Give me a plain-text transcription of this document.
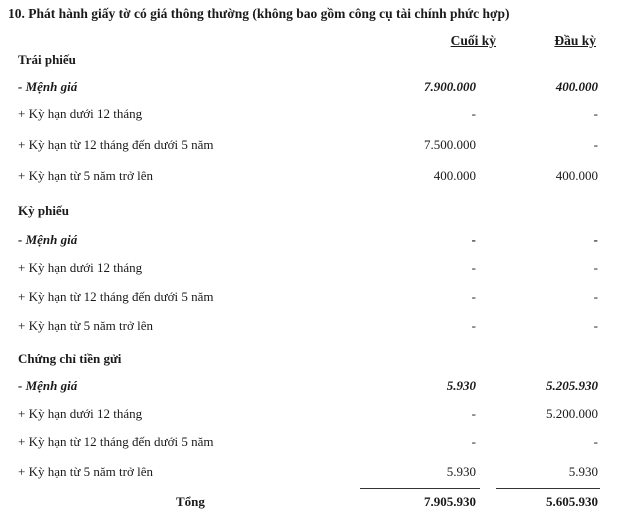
10. Phát hành giấy tờ có giá thông thường (không bao gồm công cụ tài chính phức hợp)
Cuối kỳ	Đầu kỳ
Trái phiếu
- Mệnh giá	7.900.000	400.000
+ Kỳ hạn dưới 12 tháng	-	-
+ Kỳ hạn từ 12 tháng đến dưới 5 năm	7.500.000	-
+ Kỳ hạn từ 5 năm trở lên	400.000	400.000
Kỳ phiếu
- Mệnh giá	-	-
+ Kỳ hạn dưới 12 tháng	-	-
+ Kỳ hạn từ 12 tháng đến dưới 5 năm	-	-
+ Kỳ hạn từ 5 năm trở lên	-	-
Chứng chỉ tiền gửi
- Mệnh giá	5.930	5.205.930
+ Kỳ hạn dưới 12 tháng	-	5.200.000
+ Kỳ hạn từ 12 tháng đến dưới 5 năm	-	-
+ Kỳ hạn từ 5 năm trở lên	5.930	5.930
Tổng	7.905.930	5.605.930
